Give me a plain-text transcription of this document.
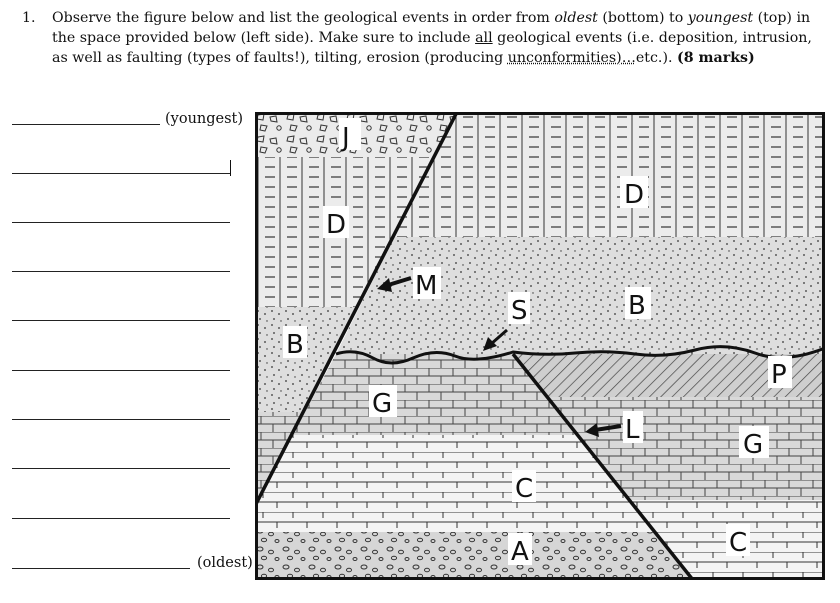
1. Observe the figure below and list the geological events in order from oldest (bottom) to youngest (top) in the space provided below (left side). Make sure to include all geological events (i.e. deposition, intrusion, as well as faulting (types of faults!), tilting, erosion (producing unconformities)…etc.). (8 marks)
(youngest)
(oldest)
J
D
D
M
S
B
B
P
G
G
L
C
C
A
